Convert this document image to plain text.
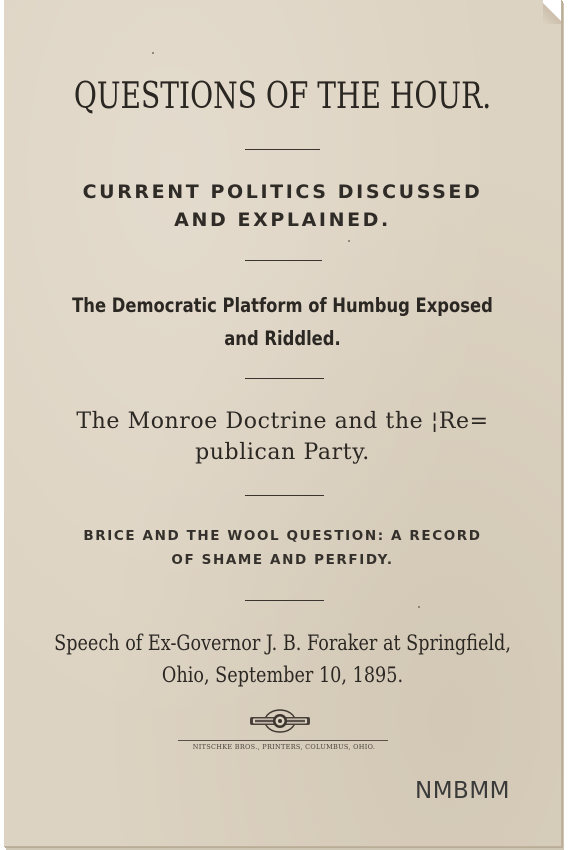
QUESTIONS OF THE HOUR.
CURRENT POLITICS DISCUSSED
AND EXPLAINED.
The Democratic Platform of Humbug Exposed
and Riddled.
The Monroe Doctrine and the ¦Re=
publican Party.
BRICE AND THE WOOL QUESTION: A RECORD
OF SHAME AND PERFIDY.
Speech of Ex-Governor J. B. Foraker at Springfield,
Ohio, September 10, 1895.
NITSCHKE BROS., PRINTERS, COLUMBUS, OHIO.
NMBMM
